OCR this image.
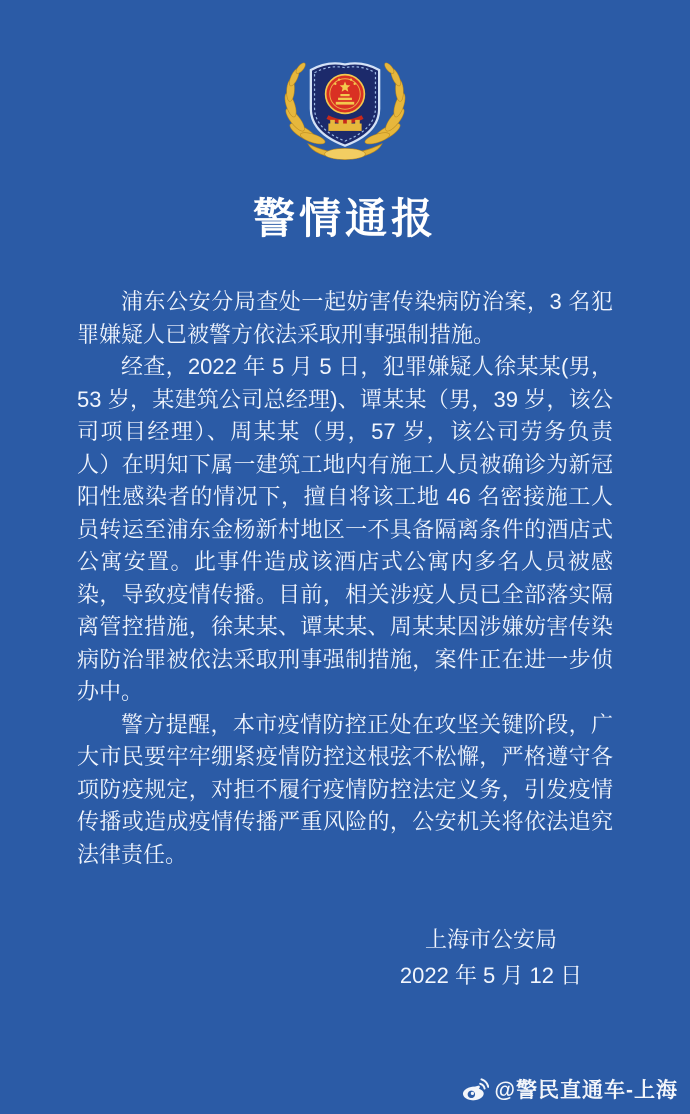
警情通报

浦东公安分局查处一起妨害传染病防治案，3 名犯罪嫌疑人已被警方依法采取刑事强制措施。

经查，2022 年 5 月 5 日，犯罪嫌疑人徐某某(男，53 岁，某建筑公司总经理)、谭某某（男，39 岁，该公司项目经理）、周某某（男，57 岁，该公司劳务负责人）在明知下属一建筑工地内有施工人员被确诊为新冠阳性感染者的情况下，擅自将该工地 46 名密接施工人员转运至浦东金杨新村地区一不具备隔离条件的酒店式公寓安置。此事件造成该酒店式公寓内多名人员被感染，导致疫情传播。目前，相关涉疫人员已全部落实隔离管控措施，徐某某、谭某某、周某某因涉嫌妨害传染病防治罪被依法采取刑事强制措施，案件正在进一步侦办中。

警方提醒，本市疫情防控正处在攻坚关键阶段，广大市民要牢牢绷紧疫情防控这根弦不松懈，严格遵守各项防疫规定，对拒不履行疫情防控法定义务，引发疫情传播或造成疫情传播严重风险的，公安机关将依法追究法律责任。

上海市公安局
2022 年 5 月 12 日
@警民直通车-上海
